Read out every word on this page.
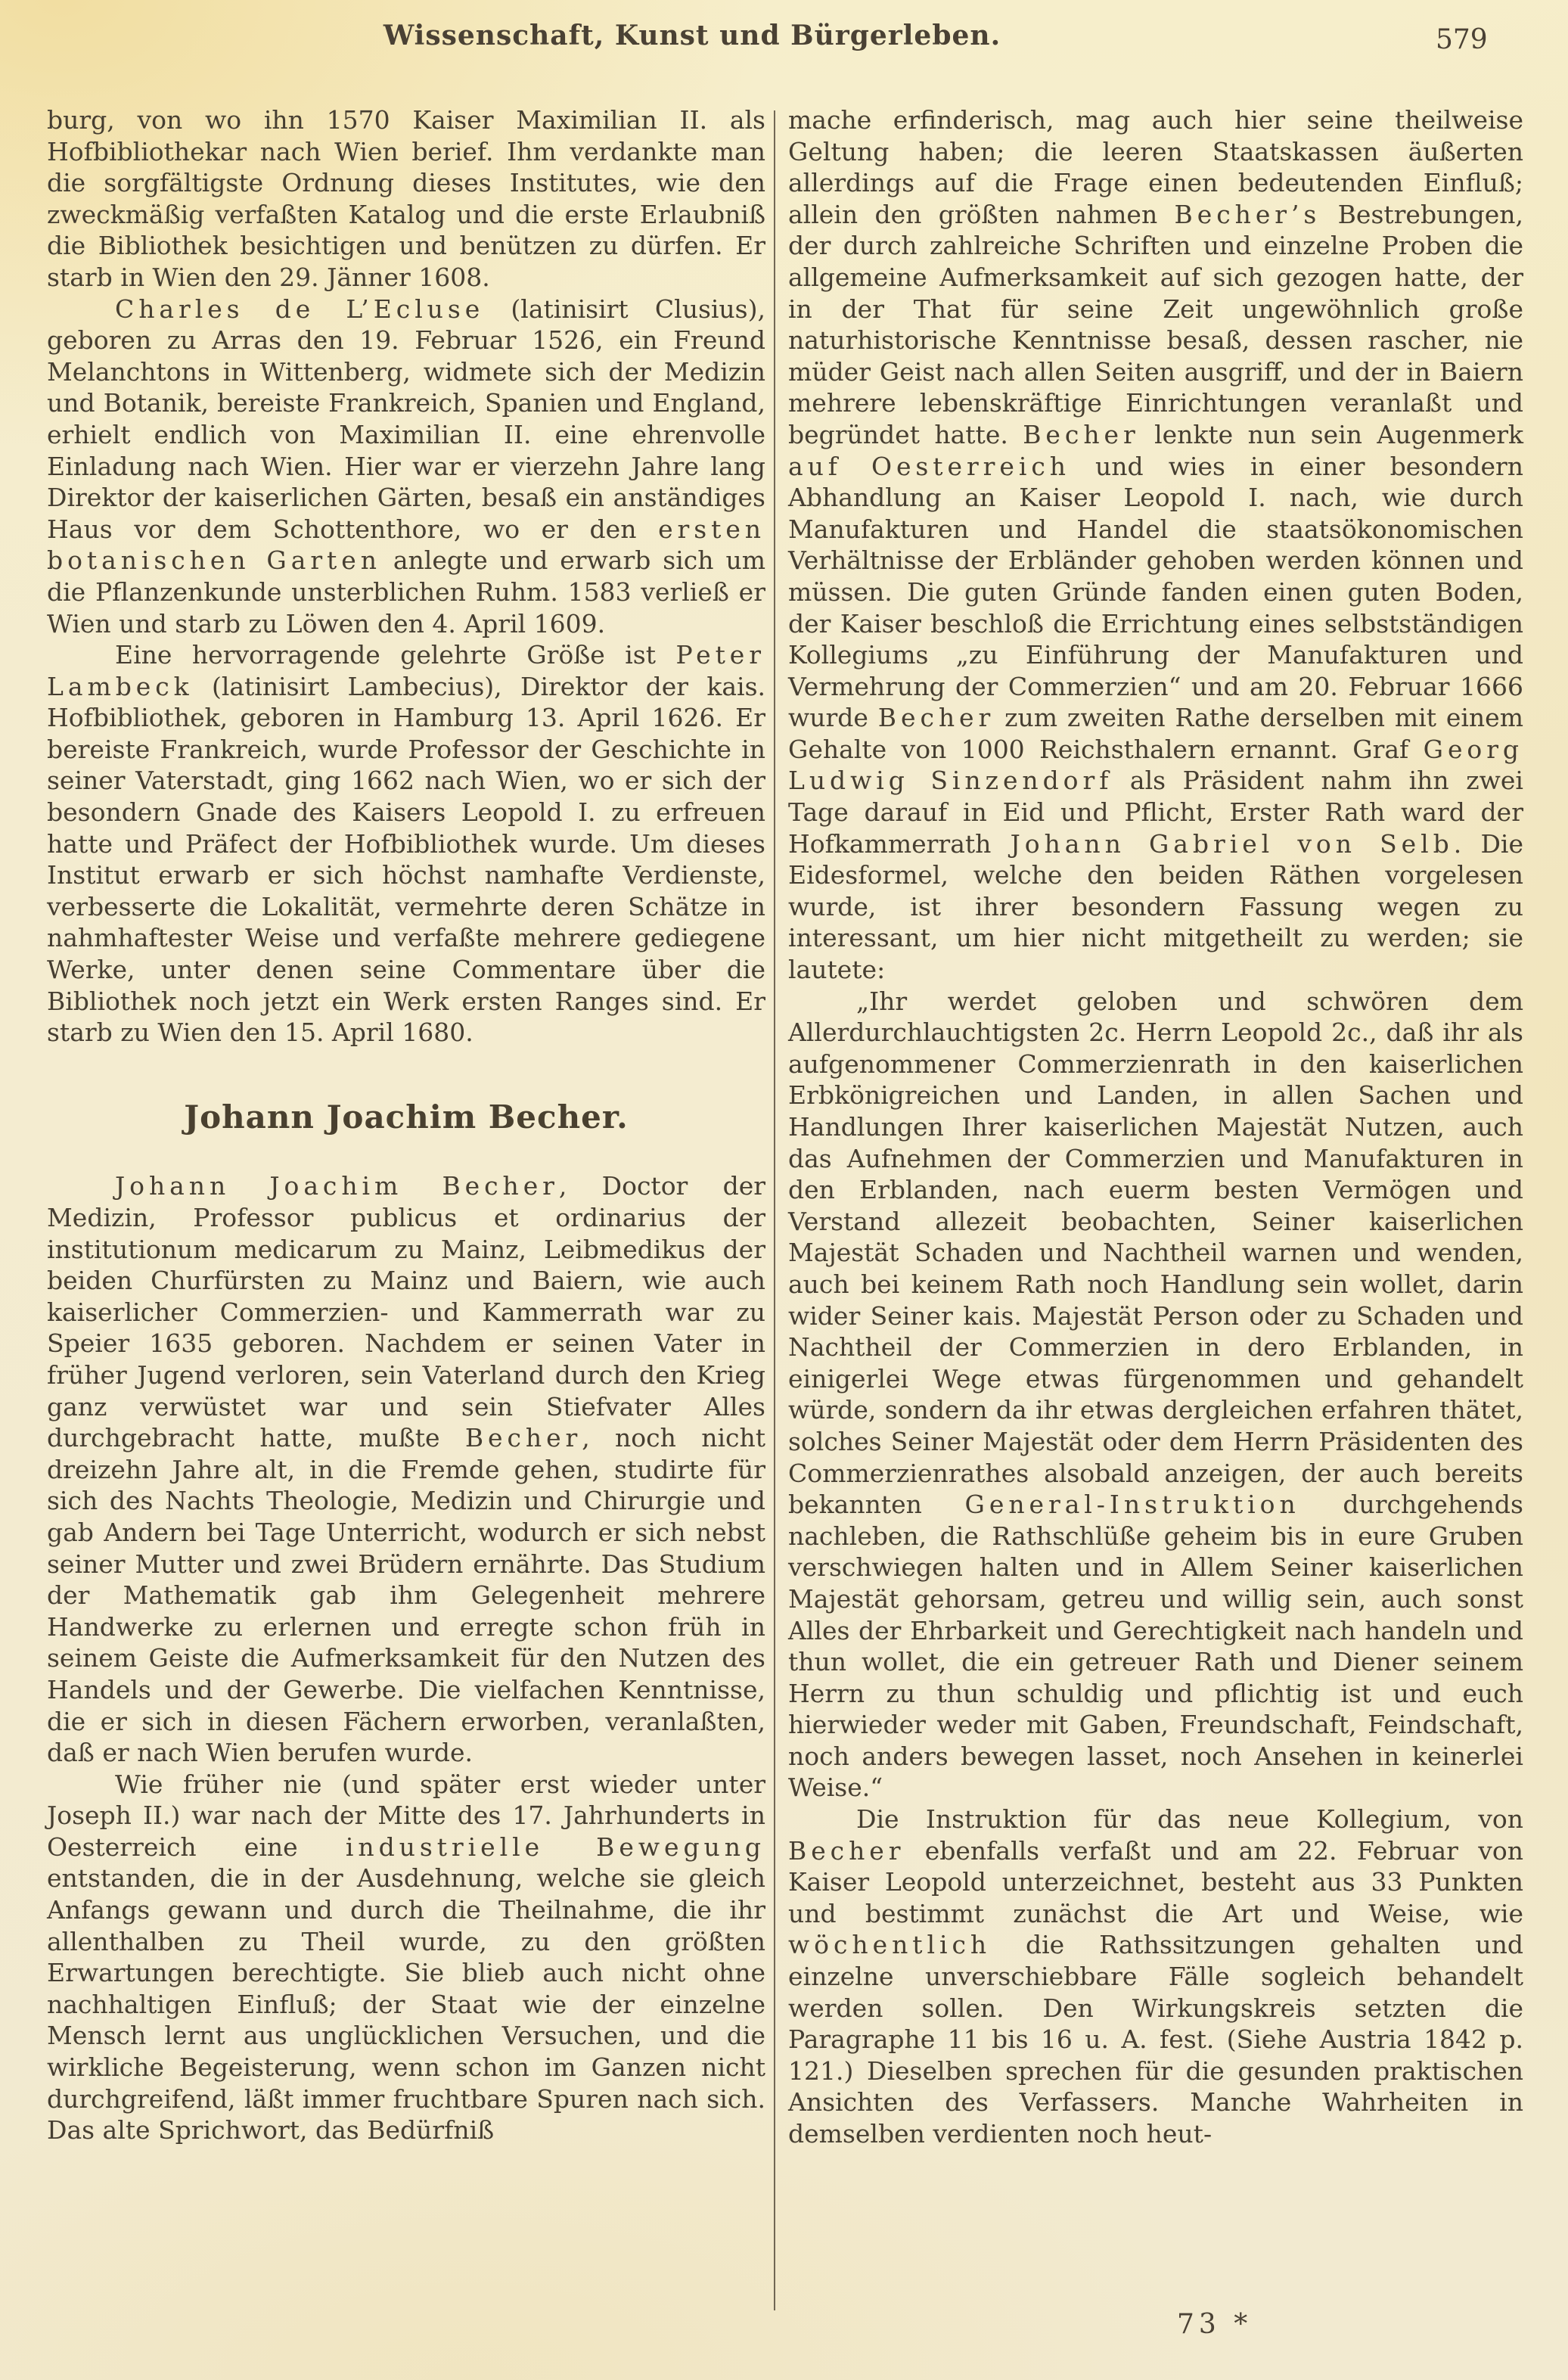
Wissenschaft, Kunst und Bürgerleben.	579

burg, von wo ihn 1570 Kaiser Maximilian II. als Hofbibliothekar nach Wien berief. Ihm verdankte man die sorgfältigste Ordnung dieses Institutes, wie den zweckmäßig verfaßten Katalog und die erste Erlaubniß die Bibliothek besichtigen und benützen zu dürfen. Er starb in Wien den 29. Jänner 1608.

Charles de L’Ecluse (latinisirt Clusius), geboren zu Arras den 19. Februar 1526, ein Freund Melanchtons in Wittenberg, widmete sich der Medizin und Botanik, bereiste Frankreich, Spanien und England, erhielt endlich von Maximilian II. eine ehrenvolle Einladung nach Wien. Hier war er vierzehn Jahre lang Direktor der kaiserlichen Gärten, besaß ein anständiges Haus vor dem Schottenthore, wo er den ersten botanischen Garten anlegte und erwarb sich um die Pflanzenkunde unsterblichen Ruhm. 1583 verließ er Wien und starb zu Löwen den 4. April 1609.

Eine hervorragende gelehrte Größe ist Peter Lambeck (latinisirt Lambecius), Direktor der kais. Hofbibliothek, geboren in Hamburg 13. April 1626. Er bereiste Frankreich, wurde Professor der Geschichte in seiner Vaterstadt, ging 1662 nach Wien, wo er sich der besondern Gnade des Kaisers Leopold I. zu erfreuen hatte und Präfect der Hofbibliothek wurde. Um dieses Institut erwarb er sich höchst namhafte Verdienste, verbesserte die Lokalität, vermehrte deren Schätze in nahmhaftester Weise und verfaßte mehrere gediegene Werke, unter denen seine Commentare über die Bibliothek noch jetzt ein Werk ersten Ranges sind. Er starb zu Wien den 15. April 1680.

Johann Joachim Becher.

Johann Joachim Becher, Doctor der Medizin, Professor publicus et ordinarius der institutionum medicarum zu Mainz, Leibmedikus der beiden Churfürsten zu Mainz und Baiern, wie auch kaiserlicher Commerzien- und Kammerrath war zu Speier 1635 geboren. Nachdem er seinen Vater in früher Jugend verloren, sein Vaterland durch den Krieg ganz verwüstet war und sein Stiefvater Alles durchgebracht hatte, mußte Becher, noch nicht dreizehn Jahre alt, in die Fremde gehen, studirte für sich des Nachts Theologie, Medizin und Chirurgie und gab Andern bei Tage Unterricht, wodurch er sich nebst seiner Mutter und zwei Brüdern ernährte. Das Studium der Mathematik gab ihm Gelegenheit mehrere Handwerke zu erlernen und erregte schon früh in seinem Geiste die Aufmerksamkeit für den Nutzen des Handels und der Gewerbe. Die vielfachen Kenntnisse, die er sich in diesen Fächern erworben, veranlaßten, daß er nach Wien berufen wurde.

Wie früher nie (und später erst wieder unter Joseph II.) war nach der Mitte des 17. Jahrhunderts in Oesterreich eine industrielle Bewegung entstanden, die in der Ausdehnung, welche sie gleich Anfangs gewann und durch die Theilnahme, die ihr allenthalben zu Theil wurde, zu den größten Erwartungen berechtigte. Sie blieb auch nicht ohne nachhaltigen Einfluß; der Staat wie der einzelne Mensch lernt aus unglücklichen Versuchen, und die wirkliche Begeisterung, wenn schon im Ganzen nicht durchgreifend, läßt immer fruchtbare Spuren nach sich. Das alte Sprichwort, das Bedürfniß

mache erfinderisch, mag auch hier seine theilweise Geltung haben; die leeren Staatskassen äußerten allerdings auf die Frage einen bedeutenden Einfluß; allein den größten nahmen Becher’s Bestrebungen, der durch zahlreiche Schriften und einzelne Proben die allgemeine Aufmerksamkeit auf sich gezogen hatte, der in der That für seine Zeit ungewöhnlich große naturhistorische Kenntnisse besaß, dessen rascher, nie müder Geist nach allen Seiten ausgriff, und der in Baiern mehrere lebenskräftige Einrichtungen veranlaßt und begründet hatte. Becher lenkte nun sein Augenmerk auf Oesterreich und wies in einer besondern Abhandlung an Kaiser Leopold I. nach, wie durch Manufakturen und Handel die staatsökonomischen Verhältnisse der Erbländer gehoben werden können und müssen. Die guten Gründe fanden einen guten Boden, der Kaiser beschloß die Errichtung eines selbstständigen Kollegiums „zu Einführung der Manufakturen und Vermehrung der Commerzien“ und am 20. Februar 1666 wurde Becher zum zweiten Rathe derselben mit einem Gehalte von 1000 Reichsthalern ernannt. Graf Georg Ludwig Sinzendorf als Präsident nahm ihn zwei Tage darauf in Eid und Pflicht, Erster Rath ward der Hofkammerrath Johann Gabriel von Selb. Die Eidesformel, welche den beiden Räthen vorgelesen wurde, ist ihrer besondern Fassung wegen zu interessant, um hier nicht mitgetheilt zu werden; sie lautete:

„Ihr werdet geloben und schwören dem Allerdurchlauchtigsten 2c. Herrn Leopold 2c., daß ihr als aufgenommener Commerzienrath in den kaiserlichen Erbkönigreichen und Landen, in allen Sachen und Handlungen Ihrer kaiserlichen Majestät Nutzen, auch das Aufnehmen der Commerzien und Manufakturen in den Erblanden, nach euerm besten Vermögen und Verstand allezeit beobachten, Seiner kaiserlichen Majestät Schaden und Nachtheil warnen und wenden, auch bei keinem Rath noch Handlung sein wollet, darin wider Seiner kais. Majestät Person oder zu Schaden und Nachtheil der Commerzien in dero Erblanden, in einigerlei Wege etwas fürgenommen und gehandelt würde, sondern da ihr etwas dergleichen erfahren thätet, solches Seiner Majestät oder dem Herrn Präsidenten des Commerzienrathes alsobald anzeigen, der auch bereits bekannten General-Instruktion durchgehends nachleben, die Rathschlüße geheim bis in eure Gruben verschwiegen halten und in Allem Seiner kaiserlichen Majestät gehorsam, getreu und willig sein, auch sonst Alles der Ehrbarkeit und Gerechtigkeit nach handeln und thun wollet, die ein getreuer Rath und Diener seinem Herrn zu thun schuldig und pflichtig ist und euch hierwieder weder mit Gaben, Freundschaft, Feindschaft, noch anders bewegen lasset, noch Ansehen in keinerlei Weise.“

Die Instruktion für das neue Kollegium, von Becher ebenfalls verfaßt und am 22. Februar von Kaiser Leopold unterzeichnet, besteht aus 33 Punkten und bestimmt zunächst die Art und Weise, wie wöchentlich die Rathssitzungen gehalten und einzelne unverschiebbare Fälle sogleich behandelt werden sollen. Den Wirkungskreis setzten die Paragraphe 11 bis 16 u. A. fest. (Siehe Austria 1842 p. 121.) Dieselben sprechen für die gesunden praktischen Ansichten des Verfassers. Manche Wahrheiten in demselben verdienten noch heut-

73 *
